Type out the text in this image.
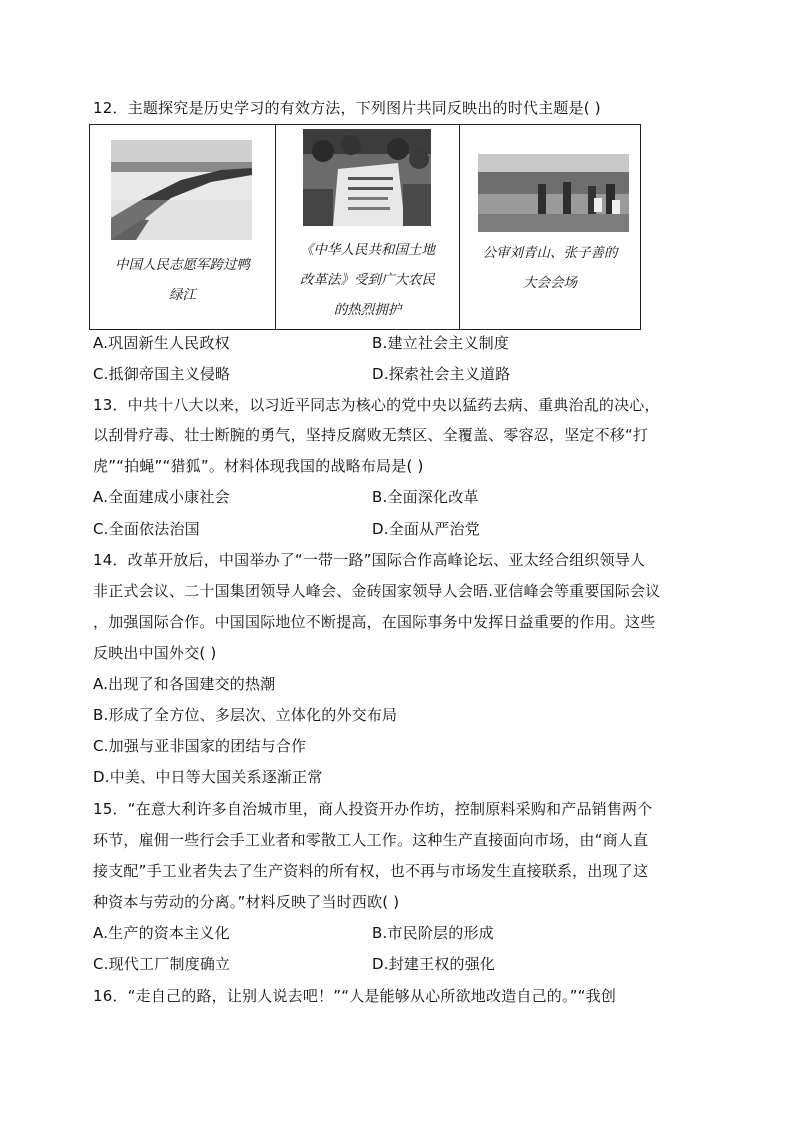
12．主题探究是历史学习的有效方法，下列图片共同反映出的时代主题是( )
中国人民志愿军跨过鸭
绿江
《中华人民共和国土地
改革法》受到广大农民
的热烈拥护
公审刘青山、张子善的
大会会场
A.巩固新生人民政权	B.建立社会主义制度
C.抵御帝国主义侵略	D.探索社会主义道路
13．中共十八大以来，以习近平同志为核心的党中央以猛药去病、重典治乱的决心，
以刮骨疗毒、壮士断腕的勇气，坚持反腐败无禁区、全覆盖、零容忍，坚定不移“打
虎”“拍蝇”“猎狐”。材料体现我国的战略布局是( )
A.全面建成小康社会	B.全面深化改革
C.全面依法治国	D.全面从严治党
14．改革开放后，中国举办了“一带一路”国际合作高峰论坛、亚太经合组织领导人
非正式会议、二十国集团领导人峰会、金砖国家领导人会晤.亚信峰会等重要国际会议
，加强国际合作。中国国际地位不断提高，在国际事务中发挥日益重要的作用。这些
反映出中国外交( )
A.出现了和各国建交的热潮
B.形成了全方位、多层次、立体化的外交布局
C.加强与亚非国家的团结与合作
D.中美、中日等大国关系逐渐正常
15．“在意大利许多自治城市里，商人投资开办作坊，控制原料采购和产品销售两个
环节，雇佣一些行会手工业者和零散工人工作。这种生产直接面向市场，由“商人直
接支配”手工业者失去了生产资料的所有权，也不再与市场发生直接联系，出现了这
种资本与劳动的分离。”材料反映了当时西欧( )
A.生产的资本主义化	B.市民阶层的形成
C.现代工厂制度确立	D.封建王权的强化
16．“走自己的路，让别人说去吧！”“人是能够从心所欲地改造自己的。”“我创
